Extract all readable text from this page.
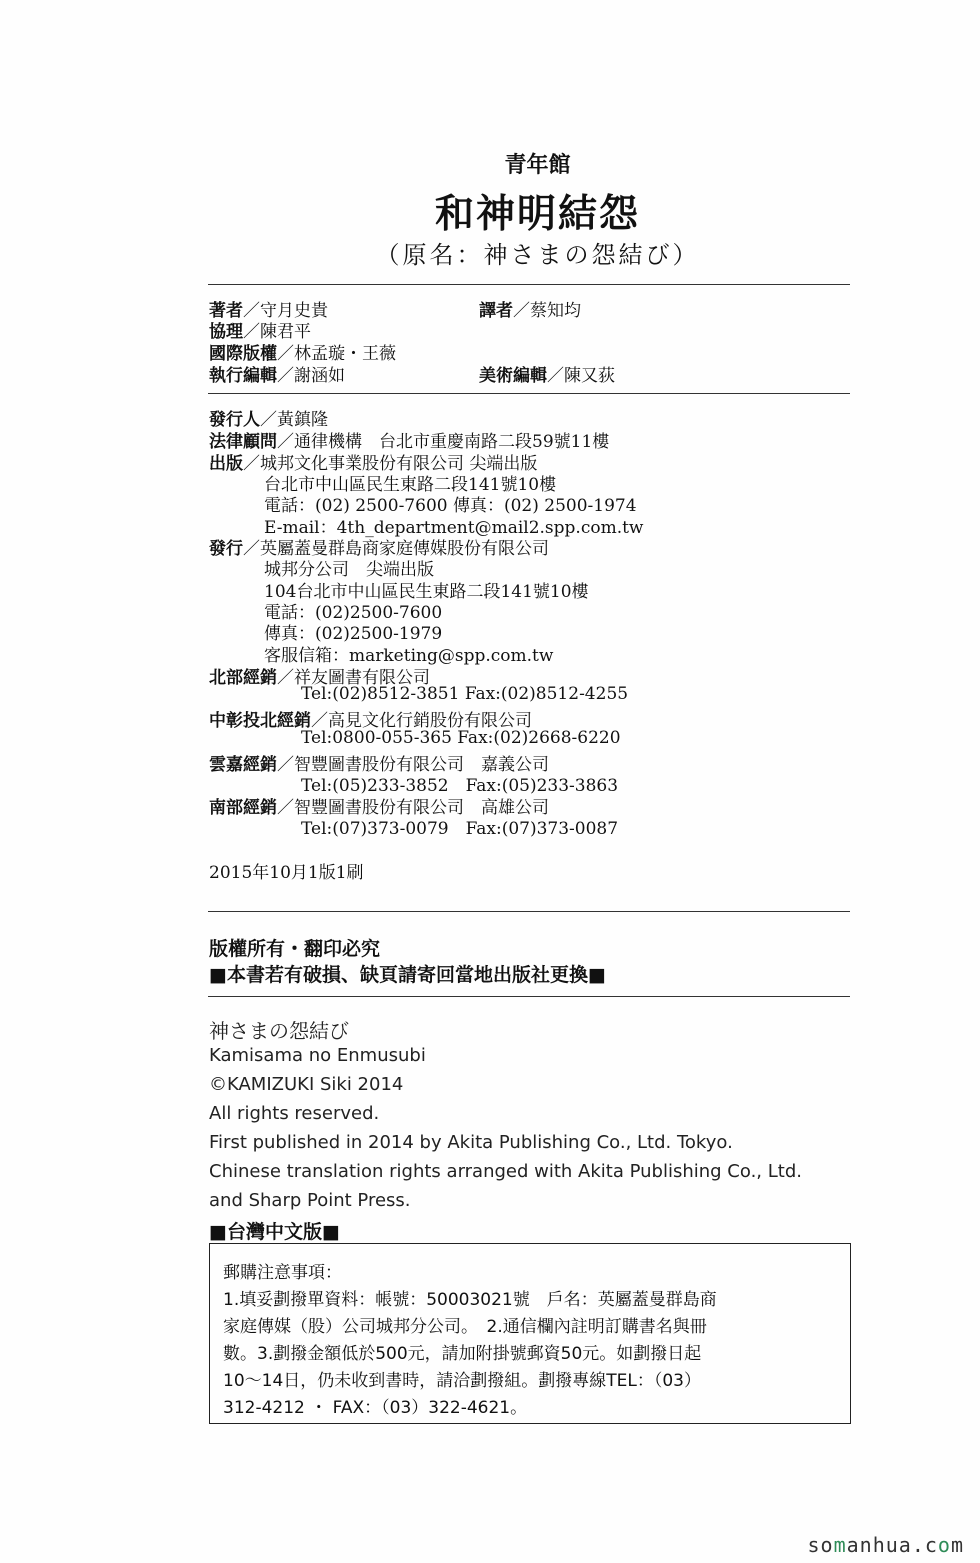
青年館
和神明結怨
（原名：神さまの怨結び）
著者／守月史貴	譯者／蔡知均
協理／陳君平
國際版權／林孟璇・王薇
執行編輯／謝涵如	美術編輯／陳又荻
發行人／黃鎮隆
法律顧問／通律機構　台北市重慶南路二段59號11樓
出版／城邦文化事業股份有限公司 尖端出版
台北市中山區民生東路二段141號10樓
電話：(02) 2500-7600 傳真：(02) 2500-1974
E-mail：4th_department@mail2.spp.com.tw
發行／英屬蓋曼群島商家庭傳媒股份有限公司
城邦分公司　尖端出版
104台北市中山區民生東路二段141號10樓
電話：(02)2500-7600
傳真：(02)2500-1979
客服信箱：marketing@spp.com.tw
北部經銷／祥友圖書有限公司
Tel:(02)8512-3851 Fax:(02)8512-4255
中彰投北經銷／高見文化行銷股份有限公司
Tel:0800-055-365 Fax:(02)2668-6220
雲嘉經銷／智豐圖書股份有限公司　嘉義公司
Tel:(05)233-3852　Fax:(05)233-3863
南部經銷／智豐圖書股份有限公司　高雄公司
Tel:(07)373-0079　Fax:(07)373-0087
2015年10月1版1刷
版權所有・翻印必究
■本書若有破損、缺頁請寄回當地出版社更換■
神さまの怨結び
Kamisama no Enmusubi
©KAMIZUKI Siki 2014
All rights reserved.
First published in 2014 by Akita Publishing Co., Ltd. Tokyo.
Chinese translation rights arranged with Akita Publishing Co., Ltd.
and Sharp Point Press.
■台灣中文版■
郵購注意事項：
1.填妥劃撥單資料：帳號：50003021號　戶名：英屬蓋曼群島商
家庭傳媒（股）公司城邦分公司。　2.通信欄內註明訂購書名與冊
數。3.劃撥金額低於500元，請加附掛號郵資50元。如劃撥日起
10～14日，仍未收到書時，請洽劃撥組。劃撥專線TEL：（03）
312-4212 ・ FAX：（03）322-4621。
somanhua.com
